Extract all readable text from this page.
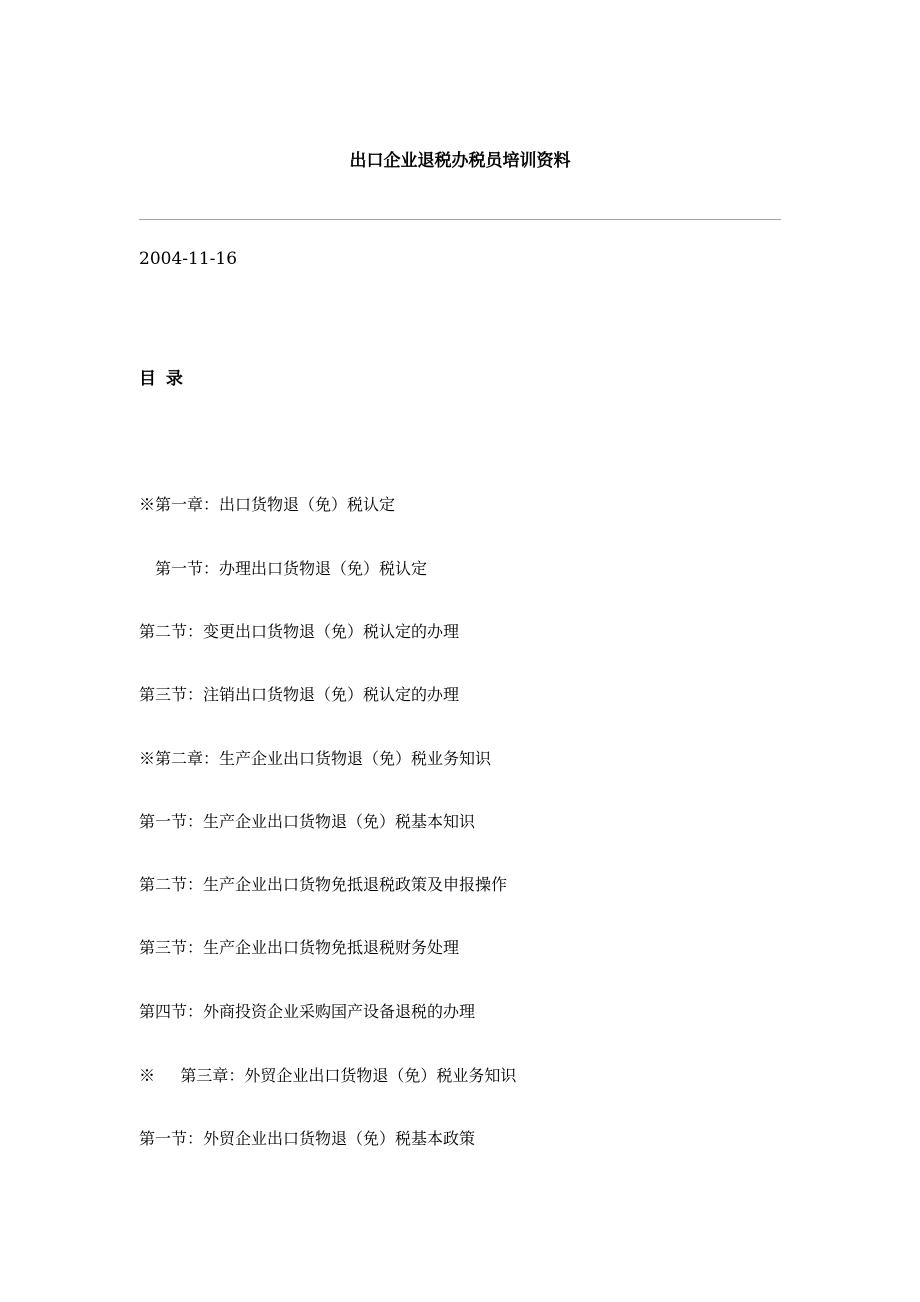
出口企业退税办税员培训资料
2004-11-16
目 录
※第一章：出口货物退（免）税认定
第一节：办理出口货物退（免）税认定
第二节：变更出口货物退（免）税认定的办理
第三节：注销出口货物退（免）税认定的办理
※第二章：生产企业出口货物退（免）税业务知识
第一节：生产企业出口货物退（免）税基本知识
第二节：生产企业出口货物免抵退税政策及申报操作
第三节：生产企业出口货物免抵退税财务处理
第四节：外商投资企业采购国产设备退税的办理
※     第三章：外贸企业出口货物退（免）税业务知识
第一节：外贸企业出口货物退（免）税基本政策
